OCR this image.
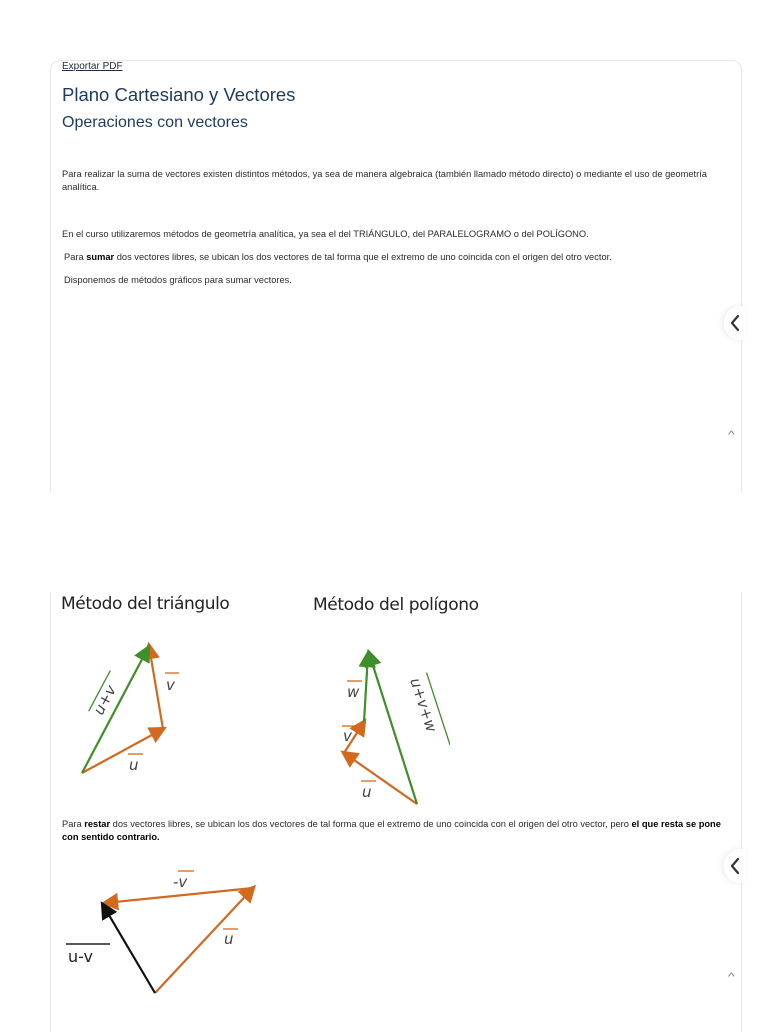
Exportar PDF
Plano Cartesiano y Vectores
Operaciones con vectores

Para realizar la suma de vectores existen distintos métodos, ya sea de manera algebraica (también llamado método directo) o mediante el uso de geometría analítica.

En el curso utilizaremos métodos de geometría analítica, ya sea el del TRIÁNGULO, del PARALELOGRAMO o del POLÍGONO.

Para sumar dos vectores libres, se ubican los dos vectores de tal forma que el extremo de uno coincida con el origen del otro vector.

Disponemos de métodos gráficos para sumar vectores.

^
Método del triángulo	Método del polígono
u+v	v
u
w
v
u
u+v+w

Para restar dos vectores libres, se ubican los dos vectores de tal forma que el extremo de uno coincida con el origen del otro vector, pero el que resta se pone con sentido contrario.

^
-v
u
u-v
